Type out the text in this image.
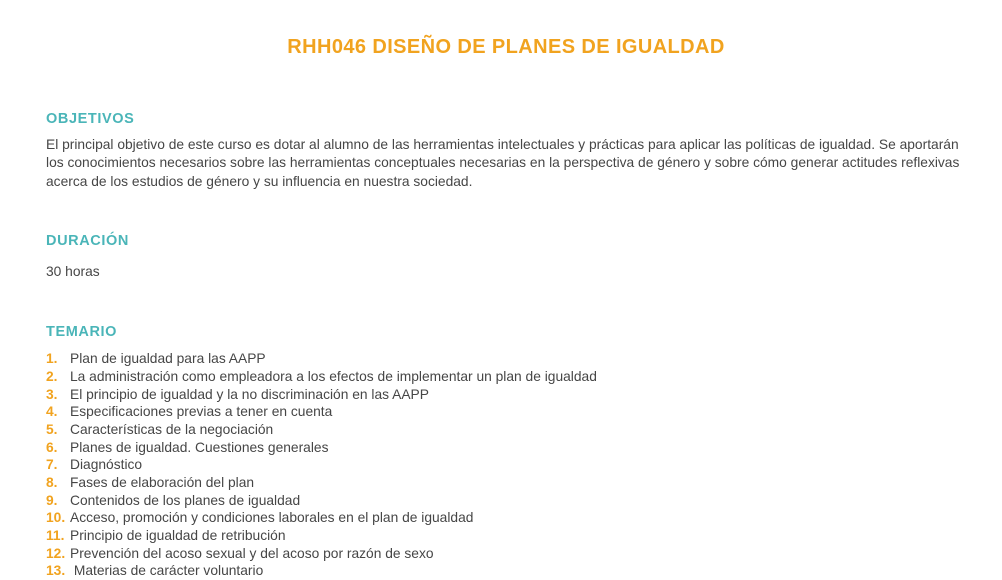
RHH046 DISEÑO DE PLANES DE IGUALDAD
OBJETIVOS

El principal objetivo de este curso es dotar al alumno de las herramientas intelectuales y prácticas para aplicar las políticas de igualdad. Se aportarán los conocimientos necesarios sobre las herramientas conceptuales necesarias en la perspectiva de género y sobre cómo generar actitudes reflexivas acerca de los estudios de género y su influencia en nuestra sociedad.

DURACIÓN

30 horas

TEMARIO
1. Plan de igualdad para las AAPP
2. La administración como empleadora a los efectos de implementar un plan de igualdad
3. El principio de igualdad y la no discriminación en las AAPP
4. Especificaciones previas a tener en cuenta
5. Características de la negociación
6. Planes de igualdad. Cuestiones generales
7. Diagnóstico
8. Fases de elaboración del plan
9. Contenidos de los planes de igualdad
10. Acceso, promoción y condiciones laborales en el plan de igualdad
11. Principio de igualdad de retribución
12. Prevención del acoso sexual y del acoso por razón de sexo
13. Materias de carácter voluntario
